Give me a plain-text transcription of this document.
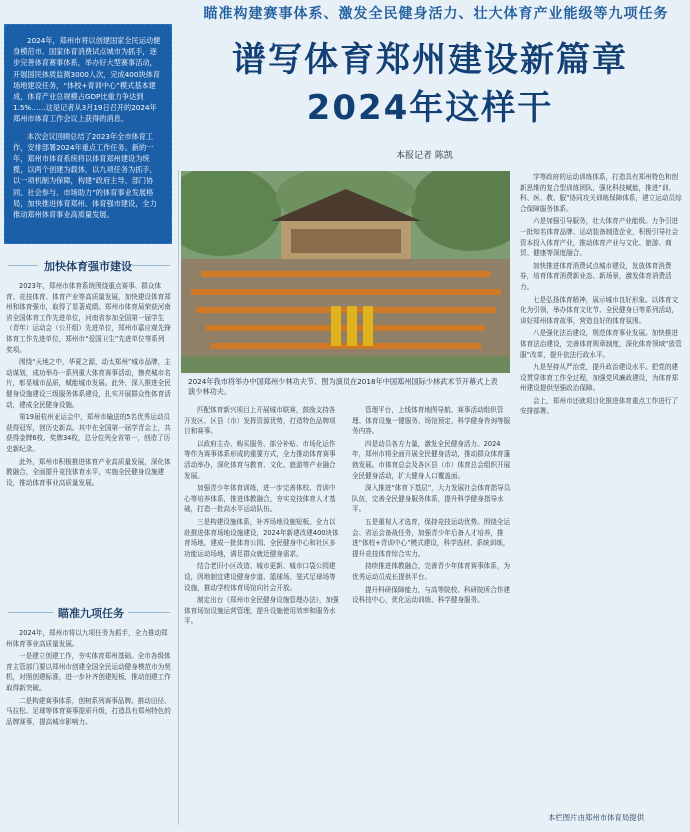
瞄准构建赛事体系、激发全民健身活力、壮大体育产业能级等九项任务
谱写体育郑州建设新篇章
2024年这样干
本报记者 陈凯

2024年，郑州市将以创建国家全民运动健身模范市、国家体育消费试点城市为抓手，逐步完善体育赛事体系，举办好大型赛事活动，开展国民体质监测3000人次，完成400块体育场地建设任务，“体校+青训中心”模式基本建成，体育产业总规模占GDP比重力争达到1.5%……这是记者从3月19日召开的2024年郑州市体育工作会议上获得的消息。

本次会议回顾总结了2023年全市体育工作，安排部署2024年重点工作任务。新的一年，郑州市体育系统将以体育郑州建设为统揽，以两个创建为载体，以九项任务为抓手，以一项机制为保障，构建“政府主导、部门协同、社会参与、市场助力”的体育事业发展格局，加快推进体育郑州、体育强市建设，全力推动郑州体育事业高质量发展。

加快体育强市建设

2023年，郑州市体育系统围绕重点赛事、群众体育、竞技体育、体育产业等高质量发展，加快建设体育郑州和体育强市，取得了显著成绩。郑州市体育局荣获河南省全国体育工作先进单位，河南省参加全国第一届学生（青年）运动会（公开组）先进单位，郑州市嘉应观先锋体育工作先进单位，郑州市“爱国卫生”先进单位等系列奖项。

围绕“天地之中，华夏之源，动太郑州”城市品牌，主动谋划，成功举办一系列重大体育赛事活动，擦亮城市名片，彰显城市品质，赋能城市发展。此外，深入推进全民健身设施建设三级服务体系建设，扎实开展群众性体育活动，建成全民健身设施。

第19届杭州亚运会中，郑州市输送的5名优秀运动员获得冠军，创历史新高。其中在全国第一届学青会上，共获得金牌6枚、奖牌34枚，总分位列全省第一，创造了历史新纪录。

此外，郑州市积极推进体育产业高质量发展，深化体教融合，全面提升竞技体育水平，实施全民健身设施建设，推动体育事业高质量发展。

瞄准九项任务

2024年，郑州市将以九项任务为抓手，全力推动郑州体育事业高质量发展。

一是建立创建工作，夯实体育郑州基础。全市各级体育主管部门要以郑州市创建全国全民运动健身模范市为契机，对照创建标准，进一步补齐创建短板，推动创建工作取得新突破。

二是构建赛事体系，创树系列赛事品牌。推动田径、马拉松、足球等体育赛事提质升级，打造具有郑州特色的品牌赛事，提高城市影响力。

2024年我市将举办中国郑州少林功夫节。图为演员在2018年中国郑州国际少林武术节开幕式上表演少林功夫。

匹配体育新兴项目上开展城市联赛，鼓励支持各开发区、区县（市）发挥资源优势，打造特色品牌项目和赛事。

以政府主办、购买服务、部分补贴、市场化运作等作为赛事体系形成的重要方式，全力推动体育赛事活动举办，深化体育与教育、文化、旅游等产业融合发展。

加强青少年体育训练，进一步完善体校、青训中心等培养体系，推进体教融合，夯实竞技体育人才基础，打造一批高水平运动队伍。

三是构建设施体系，补齐场地设施短板。全力以赴推进体育场地设施建设，2024年新建改建400块体育场地，建成一批体育公园、全民健身中心和社区多功能运动场地，满足群众就近健身需求。

结合老旧小区改造、城市更新、城市口袋公园建设，因地制宜建设健身步道、篮球场、笼式足球场等设施，推动学校体育场馆向社会开放。

制定出台《郑州市全民健身设施管理办法》，加强体育场馆设施运营管理，提升设施使用效率和服务水平。

管理平台，上线体育地图导航、赛事活动组织管理、体育设施一键服务、场馆预定、科学健身咨询等服务内容。

四是动员各方力量，激发全民健身活力。2024年，郑州市将全面开展全民健身活动，推动群众体育蓬勃发展。市体育总会及各区县（市）体育总会组织开展全民健身活动，扩大健身人口覆盖面。

深入推进“体育下基层”，大力发展社会体育指导员队伍，完善全民健身服务体系，提升科学健身指导水平。

五是重视人才选育，保持竞技运动优势。围绕全运会、省运会备战任务，加强青少年后备人才培养，推进“体校+青训中心”模式建设，科学选材、系统训练，提升竞技体育综合实力。

持续推进体教融合，完善青少年体育赛事体系，为优秀运动员成长提供平台。

提升科研保障能力，与高等院校、科研院所合作建设科技中心，优化运动训练、科学健身服务。

学等政府的运动训练体系，打造具有郑州特色和创新思维的复合型训练团队，强化科技赋能，推进“训、科、医、教、服”协同攻关训练保障体系，建立运动员综合保障服务体系。

六是加强引导服务，壮大体育产业能级。力争引进一批知名体育品牌、运动装备制造企业，积极引导社会资本投入体育产业，推动体育产业与文化、旅游、商贸、健康等深度融合。

加快推进体育消费试点城市建设，发放体育消费券，培育体育消费新业态、新场景，激发体育消费活力。

七是弘扬体育精神，展示城市良好形象。以体育文化为引领，举办体育文化节、全民健身日等系列活动，讲好郑州体育故事，营造良好的体育氛围。

八是强化法治建设，规范体育事业发展。加快推进体育法治建设，完善体育规章制度，深化体育领域“放管服”改革，提升依法行政水平。

九是坚持从严治党，提升政治建设水平。把党的建设贯穿体育工作全过程，加强党风廉政建设，为体育郑州建设提供坚强政治保障。

会上，郑州市还就项目化推进体育重点工作进行了安排部署。

本栏图片由郑州市体育局提供
